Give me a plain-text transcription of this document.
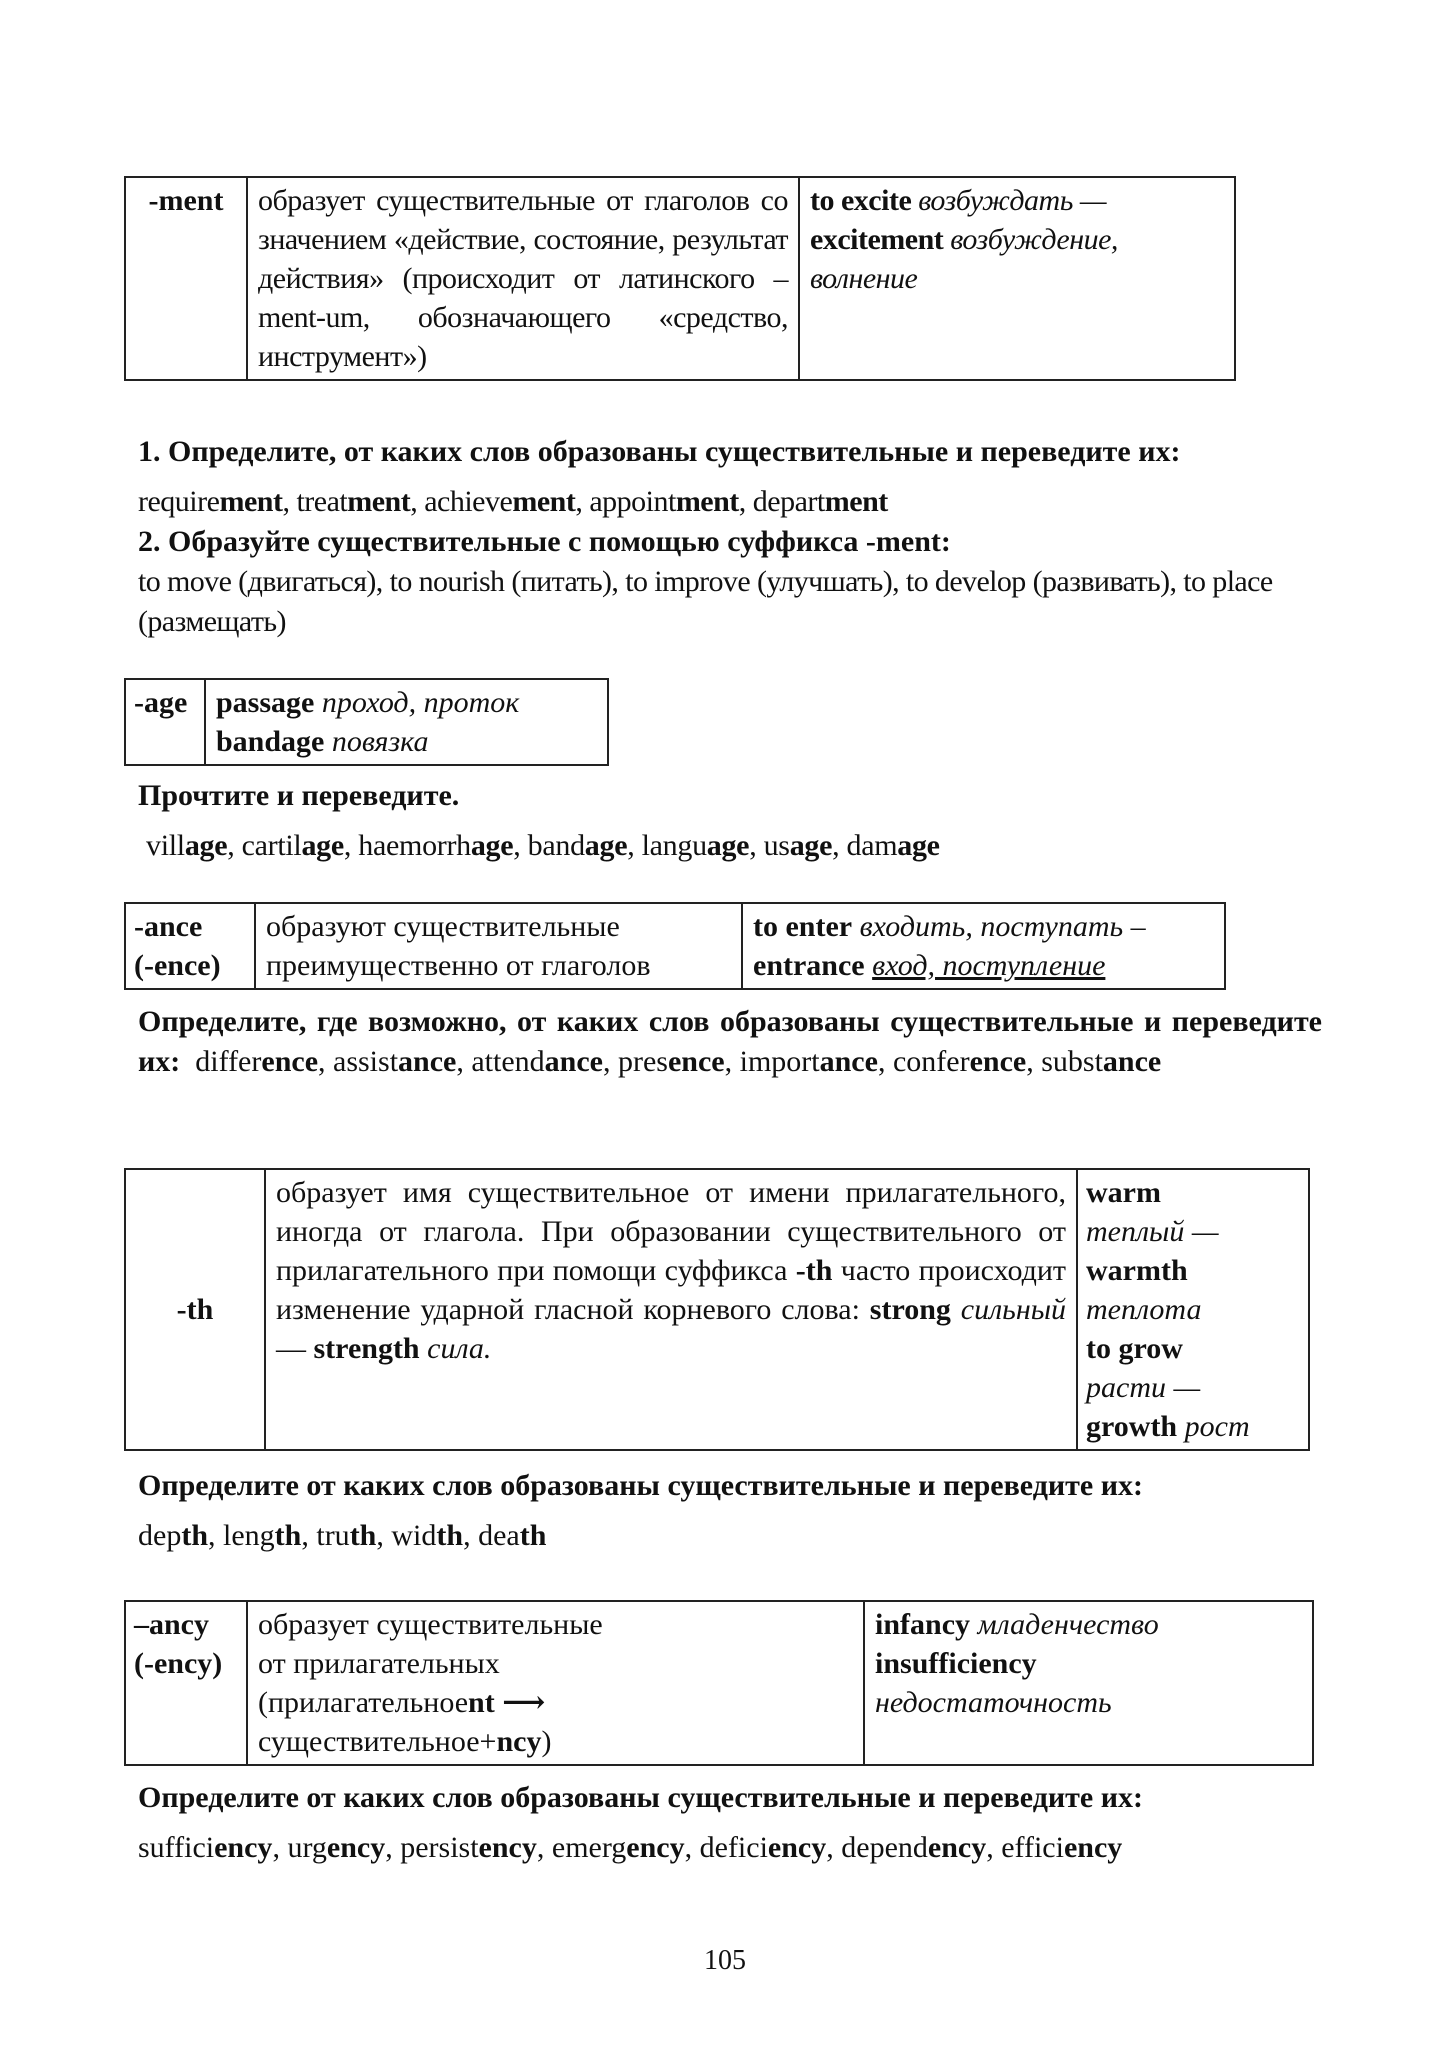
-ment	образует существительные от глаголов со значением «действие, состояние, результат действия» (происходит от латинского –ment-um, обозначающего «средство, инструмент»)	to excite возбуждать —
excitement возбуждение, волнение
1. Определите, от каких слов образованы существительные и переведите их:
requirement, treatment, achievement, appointment, department
2. Образуйте существительные с помощью суффикса -ment:
to move (двигаться), to nourish (питать), to improve (улучшать), to develop (развивать), to place (размещать)
-age	passage проход, проток
bandage повязка
Прочтите и переведите.
village, cartilage, haemorrhage, bandage, language, usage, damage
-ance
(-ence)	образуют существительные
преимущественно от глаголов	to enter входить, поступать –
entrance вход, поступление
Определите, где возможно, от каких слов образованы существительные и переведите их: difference, assistance, attendance, presence, importance, conference, substance
-th	образует имя существительное от имени прилагательного, иногда от глагола. При образовании существительного от прилагательного при помощи суффикса -th часто происходит изменение ударной гласной корневого слова: strong сильный — strength сила.	warm
теплый —
warmth
теплота
to grow
расти —
growth рост
Определите от каких слов образованы существительные и переведите их:
depth, length, truth, width, death
–ancy
(-ency)	образует существительные
от прилагательных
(прилагательноеnt ⟶
существительное+ncy)	infancy младенчество
insufficiency
недостаточность
Определите от каких слов образованы существительные и переведите их:
sufficiency, urgency, persistency, emergency, deficiency, dependency, efficiency
105
